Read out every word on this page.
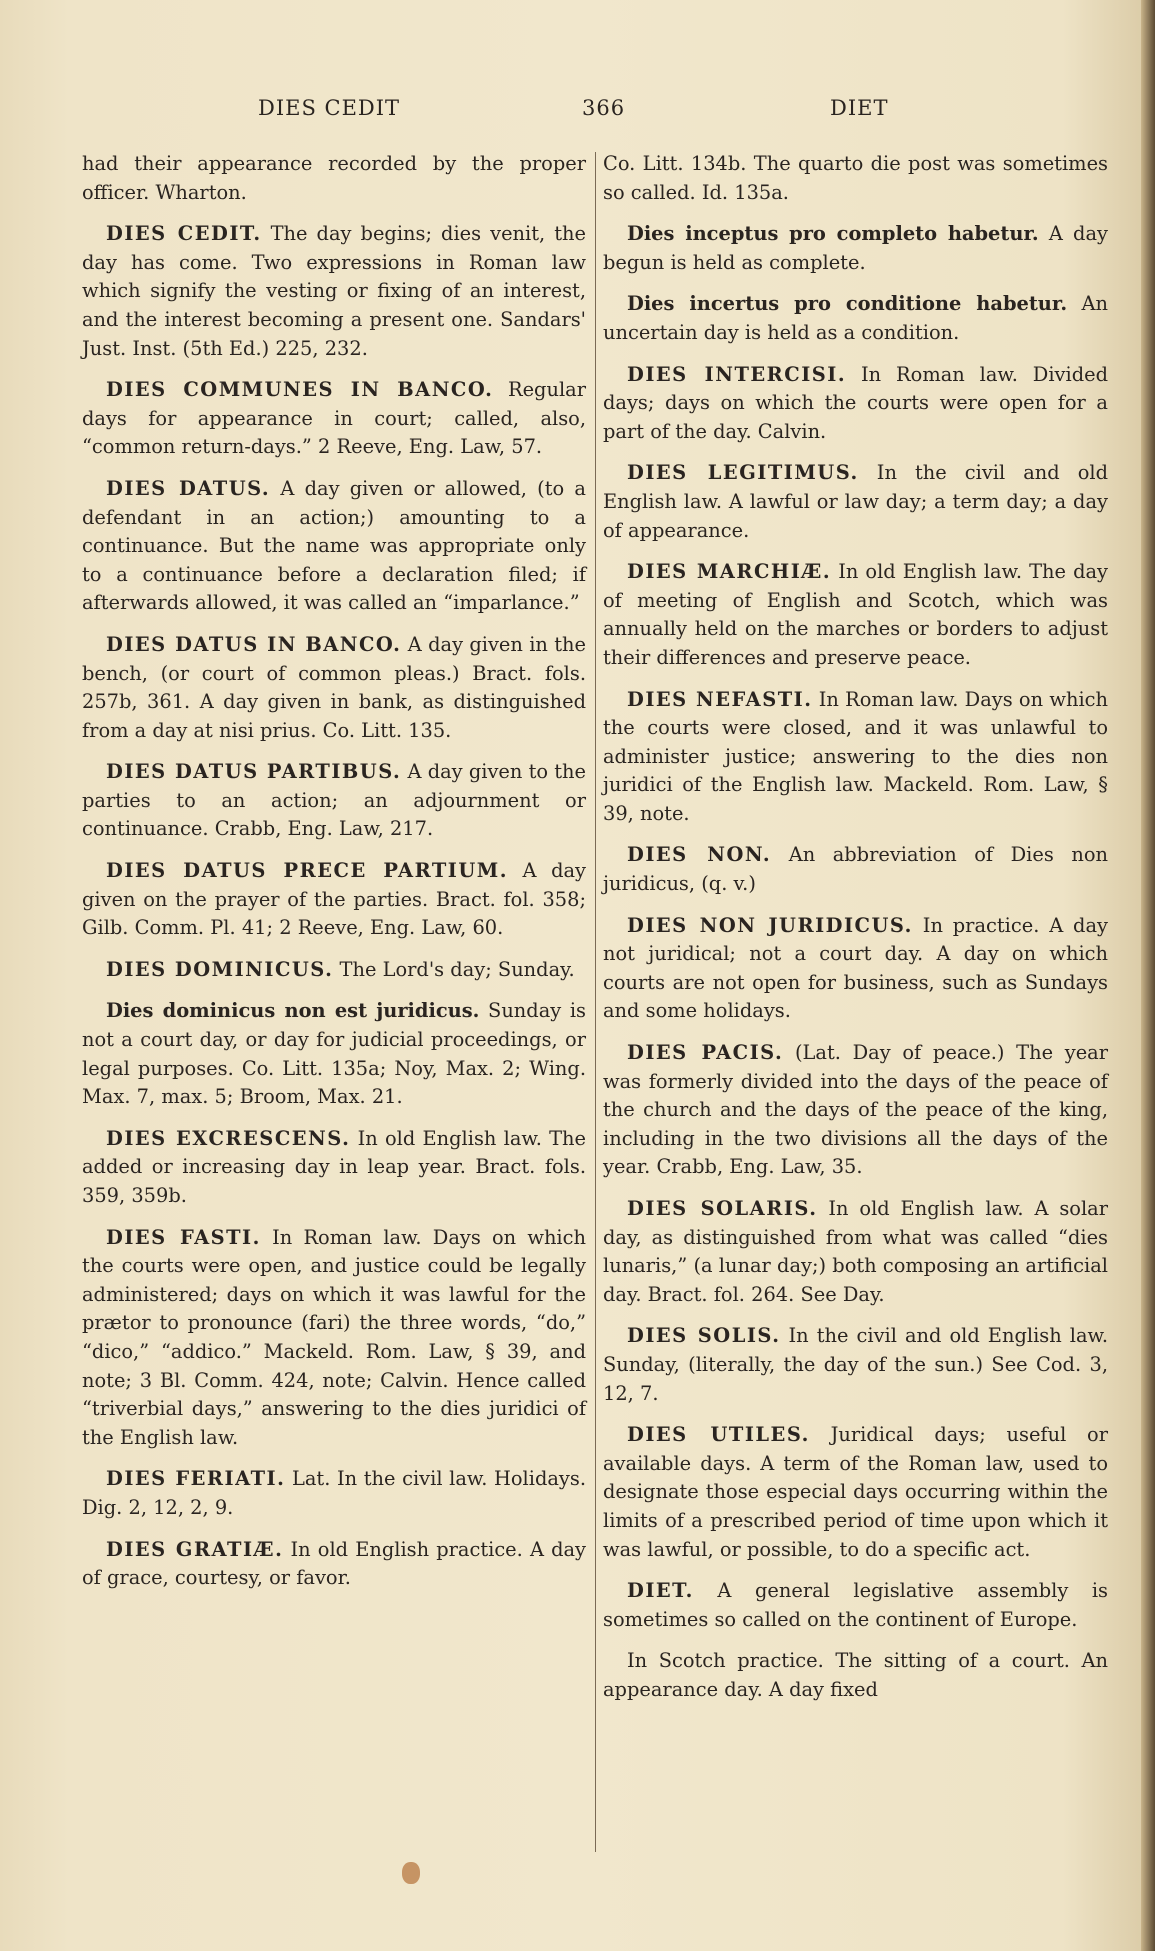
DIES CEDIT	366	DIET

had their appearance recorded by the proper officer. Wharton.

DIES CEDIT. The day begins; dies venit, the day has come. Two expressions in Roman law which signify the vesting or fixing of an interest, and the interest becoming a present one. Sandars' Just. Inst. (5th Ed.) 225, 232.

DIES COMMUNES IN BANCO. Regular days for appearance in court; called, also, “common return-days.” 2 Reeve, Eng. Law, 57.

DIES DATUS. A day given or allowed, (to a defendant in an action;) amounting to a continuance. But the name was appropriate only to a continuance before a declaration filed; if afterwards allowed, it was called an “imparlance.”

DIES DATUS IN BANCO. A day given in the bench, (or court of common pleas.) Bract. fols. 257b, 361. A day given in bank, as distinguished from a day at nisi prius. Co. Litt. 135.

DIES DATUS PARTIBUS. A day given to the parties to an action; an adjournment or continuance. Crabb, Eng. Law, 217.

DIES DATUS PRECE PARTIUM. A day given on the prayer of the parties. Bract. fol. 358; Gilb. Comm. Pl. 41; 2 Reeve, Eng. Law, 60.

DIES DOMINICUS. The Lord's day; Sunday.

Dies dominicus non est juridicus. Sunday is not a court day, or day for judicial proceedings, or legal purposes. Co. Litt. 135a; Noy, Max. 2; Wing. Max. 7, max. 5; Broom, Max. 21.

DIES EXCRESCENS. In old English law. The added or increasing day in leap year. Bract. fols. 359, 359b.

DIES FASTI. In Roman law. Days on which the courts were open, and justice could be legally administered; days on which it was lawful for the prætor to pronounce (fari) the three words, “do,” “dico,” “addico.” Mackeld. Rom. Law, § 39, and note; 3 Bl. Comm. 424, note; Calvin. Hence called “triverbial days,” answering to the dies juridici of the English law.

DIES FERIATI. Lat. In the civil law. Holidays. Dig. 2, 12, 2, 9.

DIES GRATIÆ. In old English practice. A day of grace, courtesy, or favor.

Co. Litt. 134b. The quarto die post was sometimes so called. Id. 135a.

Dies inceptus pro completo habetur. A day begun is held as complete.

Dies incertus pro conditione habetur. An uncertain day is held as a condition.

DIES INTERCISI. In Roman law. Divided days; days on which the courts were open for a part of the day. Calvin.

DIES LEGITIMUS. In the civil and old English law. A lawful or law day; a term day; a day of appearance.

DIES MARCHIÆ. In old English law. The day of meeting of English and Scotch, which was annually held on the marches or borders to adjust their differences and preserve peace.

DIES NEFASTI. In Roman law. Days on which the courts were closed, and it was unlawful to administer justice; answering to the dies non juridici of the English law. Mackeld. Rom. Law, § 39, note.

DIES NON. An abbreviation of Dies non juridicus, (q. v.)

DIES NON JURIDICUS. In practice. A day not juridical; not a court day. A day on which courts are not open for business, such as Sundays and some holidays.

DIES PACIS. (Lat. Day of peace.) The year was formerly divided into the days of the peace of the church and the days of the peace of the king, including in the two divisions all the days of the year. Crabb, Eng. Law, 35.

DIES SOLARIS. In old English law. A solar day, as distinguished from what was called “dies lunaris,” (a lunar day;) both composing an artificial day. Bract. fol. 264. See Day.

DIES SOLIS. In the civil and old English law. Sunday, (literally, the day of the sun.) See Cod. 3, 12, 7.

DIES UTILES. Juridical days; useful or available days. A term of the Roman law, used to designate those especial days occurring within the limits of a prescribed period of time upon which it was lawful, or possible, to do a specific act.

DIET. A general legislative assembly is sometimes so called on the continent of Europe.

In Scotch practice. The sitting of a court. An appearance day. A day fixed
